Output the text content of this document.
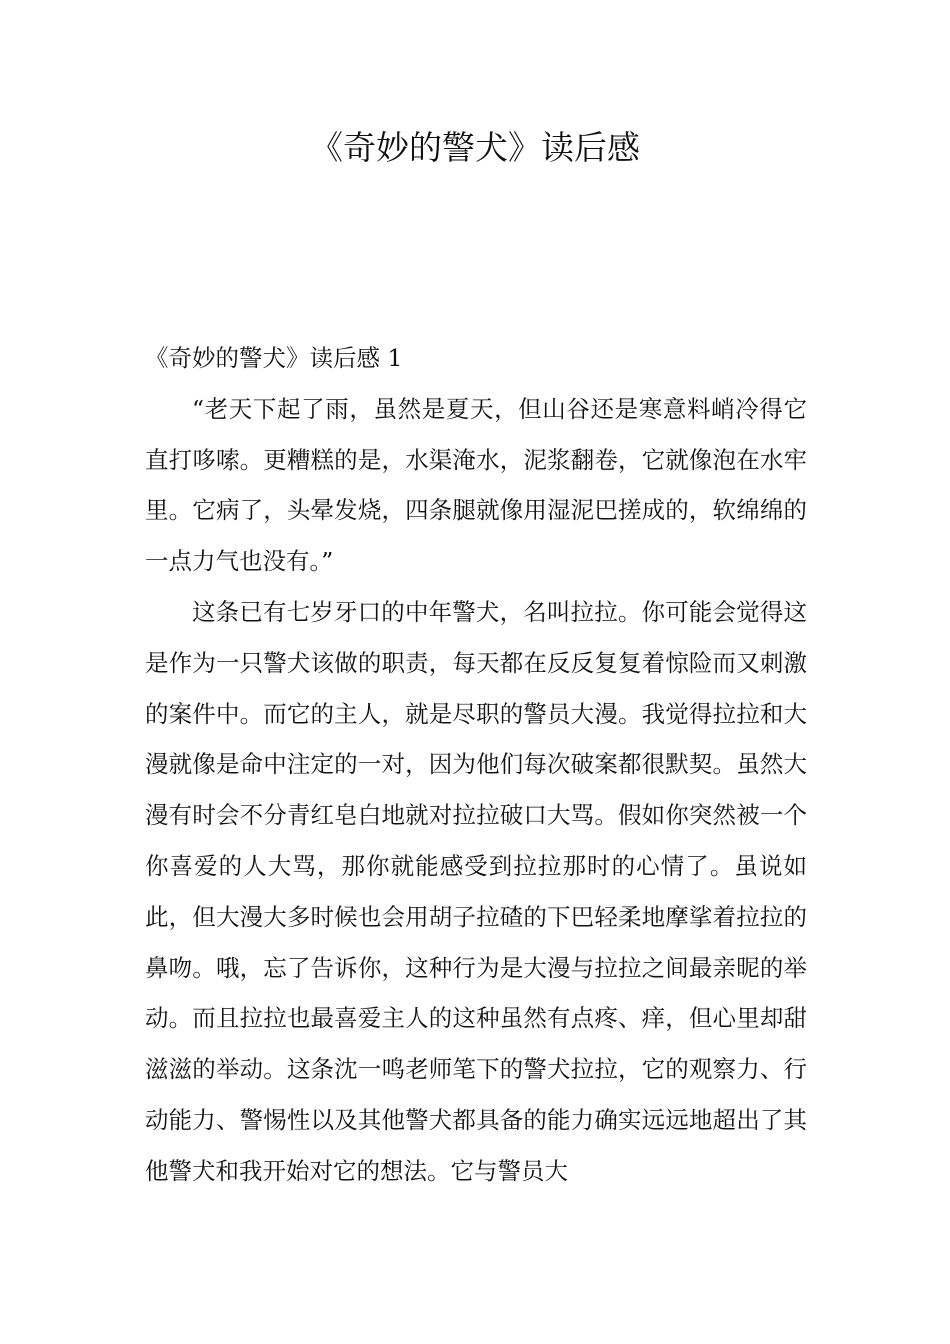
《奇妙的警犬》读后感

《奇妙的警犬》读后感 1

“老天下起了雨，虽然是夏天，但山谷还是寒意料峭冷得它直打哆嗦。更糟糕的是，水渠淹水，泥浆翻卷，它就像泡在水牢里。它病了，头晕发烧，四条腿就像用湿泥巴搓成的，软绵绵的一点力气也没有。”

这条已有七岁牙口的中年警犬，名叫拉拉。你可能会觉得这是作为一只警犬该做的职责，每天都在反反复复着惊险而又刺激的案件中。而它的主人，就是尽职的警员大漫。我觉得拉拉和大漫就像是命中注定的一对，因为他们每次破案都很默契。虽然大漫有时会不分青红皂白地就对拉拉破口大骂。假如你突然被一个你喜爱的人大骂，那你就能感受到拉拉那时的心情了。虽说如此，但大漫大多时候也会用胡子拉碴的下巴轻柔地摩挲着拉拉的鼻吻。哦，忘了告诉你，这种行为是大漫与拉拉之间最亲昵的举动。而且拉拉也最喜爱主人的这种虽然有点疼、痒，但心里却甜滋滋的举动。这条沈一鸣老师笔下的警犬拉拉，它的观察力、行动能力、警惕性以及其他警犬都具备的能力确实远远地超出了其他警犬和我开始对它的想法。它与警员大
